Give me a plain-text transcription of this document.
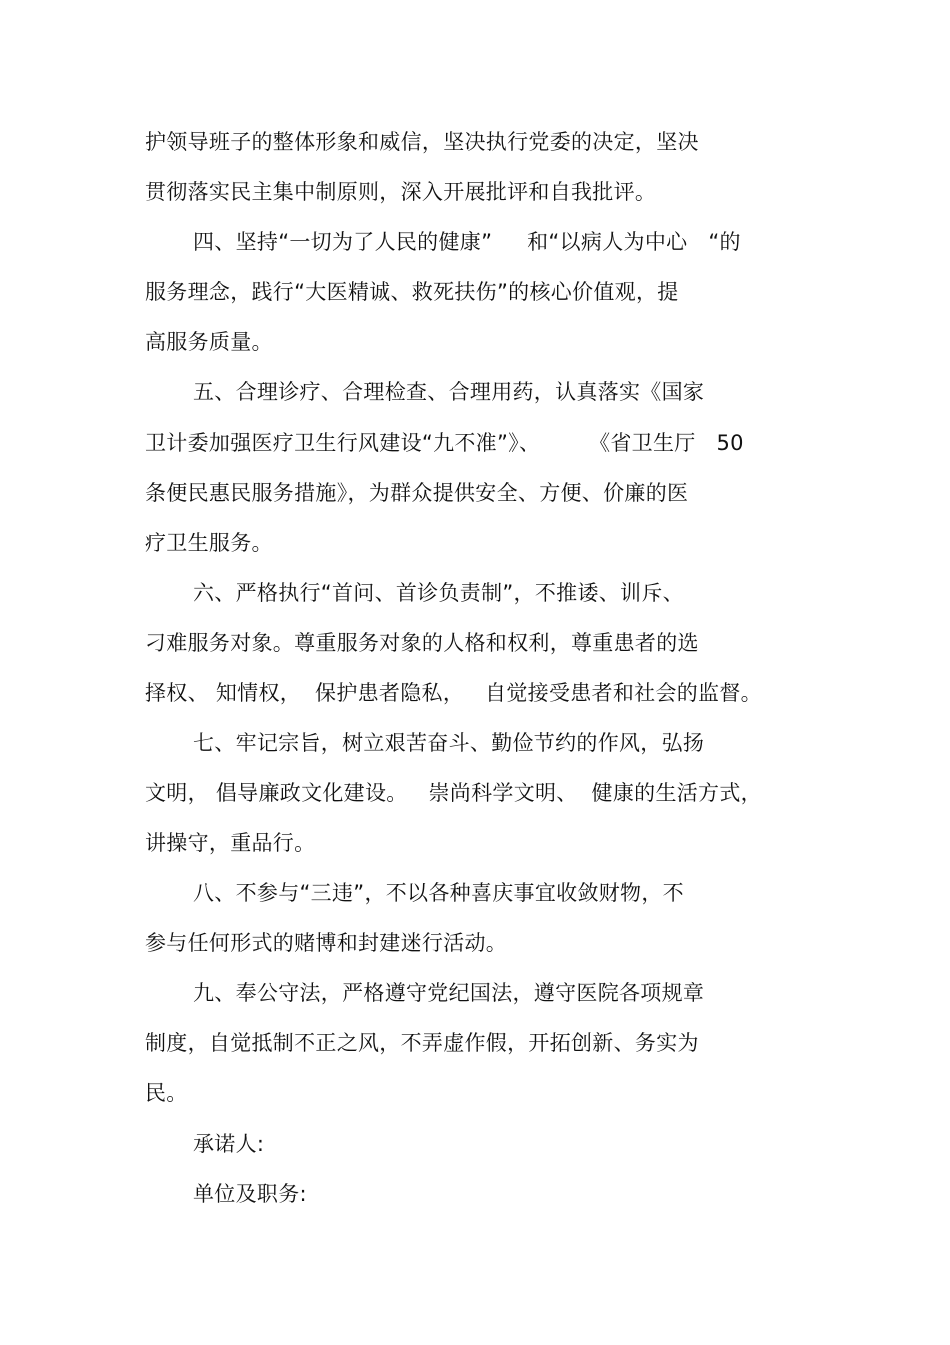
护领导班子的整体形象和威信，坚决执行党委的决定，坚决
贯彻落实民主集中制原则，深入开展批评和自我批评。
四、坚持“一切为了人民的健康”     和“以病人为中心   “的
服务理念，践行“大医精诚、救死扶伤”的核心价值观，提
高服务质量。
五、合理诊疗、合理检查、合理用药，认真落实《国家
卫计委加强医疗卫生行风建设“九不准”》、       《省卫生厅   50
条便民惠民服务措施》，为群众提供安全、方便、价廉的医
疗卫生服务。
六、严格执行“首问、首诊负责制”，不推诿、训斥、
刁难服务对象。尊重服务对象的人格和权利，尊重患者的选
择权、 知情权，  保护患者隐私，   自觉接受患者和社会的监督。
七、牢记宗旨，树立艰苦奋斗、勤俭节约的作风，弘扬
文明， 倡导廉政文化建设。   崇尚科学文明、  健康的生活方式，
讲操守，重品行。
八、不参与“三违”，不以各种喜庆事宜收敛财物，不
参与任何形式的赌博和封建迷行活动。
九、奉公守法，严格遵守党纪国法，遵守医院各项规章
制度，自觉抵制不正之风，不弄虚作假，开拓创新、务实为
民。
承诺人:
单位及职务:
